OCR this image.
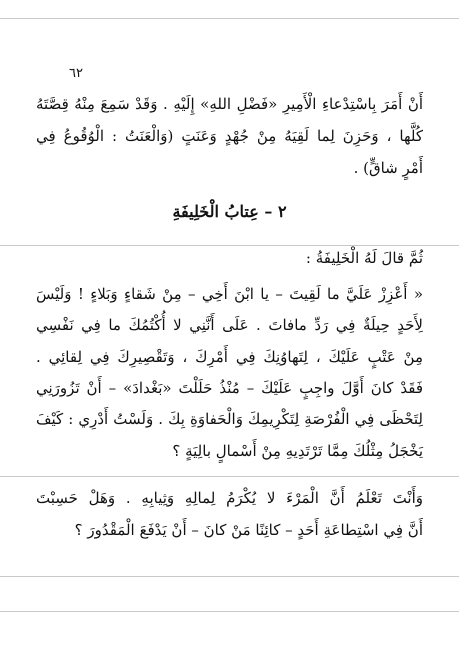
٦٢
أَنْ أَمَرَ بِاسْتِدْعاءِ الْأَمِيرِ «فَضْلِ اللهِ» إِلَيْهِ . وَقَدْ سَمِعَ مِنْهُ قِصَّتَهُ
كُلَّها ، وَحَزِنَ لِما لَقِيَهُ مِنْ جُهْدٍ وَعَنَتٍ (وَالْعَنَتُ : الْوُقُوعُ فِي
أَمْرٍ شاقٍّ) .
٢ – عِتابُ الْخَلِيفَةِ
ثُمَّ قالَ لَهُ الْخَلِيفَةُ :
« أَعْزِزْ عَلَيَّ ما لَقِيتَ – يا ابْنَ أَخِي – مِنْ شَقاءٍ وَبَلاءٍ ! وَلَيْسَ
لِأَحَدٍ حِيلَةٌ فِي رَدِّ مافاتَ . عَلَى أَنَّنِي لا أُكْتُمُكَ ما فِي نَفْسِي
مِنْ عَتْبٍ عَلَيْكَ ، لِتَهاوُنِكَ فِي أَمْرِكَ ، وَتَقْصِيرِكَ فِي لِقائِي .
فَقَدْ كانَ أَوَّلَ واجِبٍ عَلَيْكَ – مُنْذُ حَلَلْتَ «بَغْدادَ» – أَنْ تَزُورَنِي
لِتَحْظَى فِي الْفُرْصَةِ لِتَكْرِيمِكَ وَالْحَفاوَةِ بِكَ . وَلَسْتُ أَدْرِي : كَيْفَ
يَخْجَلُ مِثْلُكَ مِمَّا تَرْتَدِيهِ مِنْ أَسْمالٍ بالِيَةٍ ؟
وَأَنْتَ تَعْلَمُ أَنَّ الْمَرْءَ لا يُكْرَمُ لِمالِهِ وَثِيابِهِ . وَهَلْ حَسِبْتَ
أَنَّ فِي اسْتِطاعَةِ أَحَدٍ – كائِنًا مَنْ كانَ – أَنْ يَدْفَعَ الْمَقْدُورَ ؟
